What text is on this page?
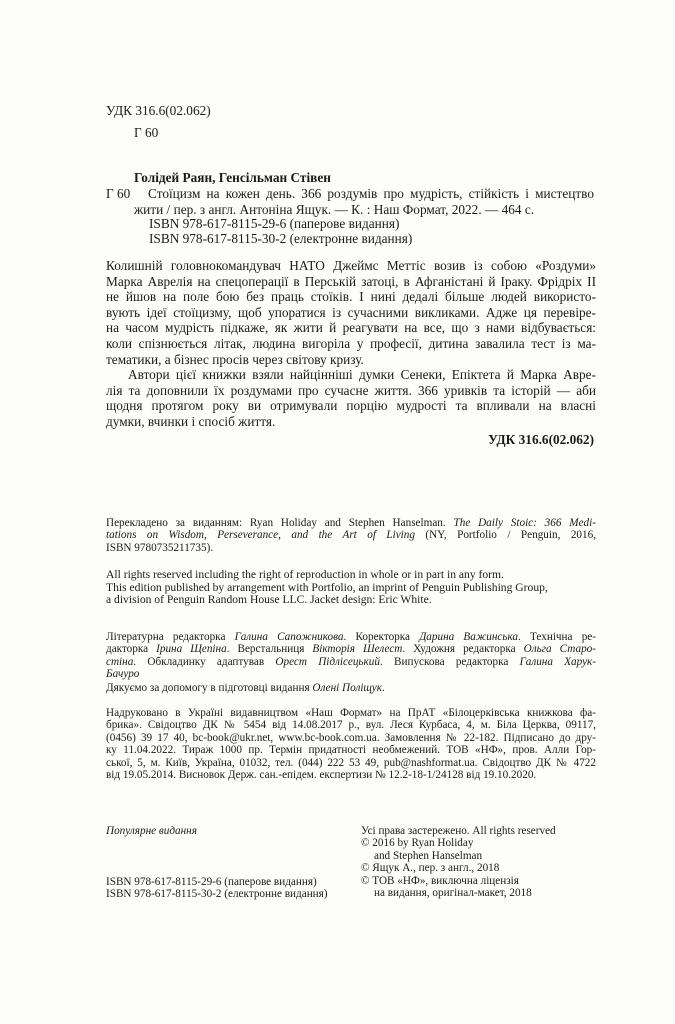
УДК 316.6(02.062)
Г 60
Голідей Раян, Генсільман Стівен
Г 60 Стоїцизм на кожен день. 366 роздумів про мудрість, стійкість і мистецтво
жити / пер. з англ. Антоніна Ящук. — К. : Наш Формат, 2022. — 464 с.
ISBN 978-617-8115-29-6 (паперове видання)
ISBN 978-617-8115-30-2 (електронне видання)
Колишній головнокомандувач НАТО Джеймс Меттіс возив із собою «Роздуми»
Марка Аврелія на спецоперації в Перській затоці, в Афганістані й Іраку. Фрідріх II
не йшов на поле бою без праць стоїків. І нині дедалі більше людей використо-
вують ідеї стоїцизму, щоб упоратися із сучасними викликами. Адже ця перевіре-
на часом мудрість підкаже, як жити й реагувати на все, що з нами відбувається:
коли спізнюється літак, людина вигоріла у професії, дитина завалила тест із ма-
тематики, а бізнес просів через світову кризу.
Автори цієї книжки взяли найцінніші думки Сенеки, Епіктета й Марка Авре-
лія та доповнили їх роздумами про сучасне життя. 366 уривків та історій — аби
щодня протягом року ви отримували порцію мудрості та впливали на власні
думки, вчинки і спосіб життя.
УДК 316.6(02.062)
Перекладено за виданням: Ryan Holiday and Stephen Hanselman. The Daily Stoic: 366 Medi-
tations on Wisdom, Perseverance, and the Art of Living (NY, Portfolio / Penguin, 2016,
ISBN 9780735211735).
All rights reserved including the right of reproduction in whole or in part in any form.
This edition published by arrangement with Portfolio, an imprint of Penguin Publishing Group,
a division of Penguin Random House LLC. Jacket design: Eric White.
Літературна редакторка Галина Сапожникова. Коректорка Дарина Важинська. Технічна ре-
дакторка Ірина Щепіна. Верстальниця Вікторія Шелест. Художня редакторка Ольга Старо-
стіна. Обкладинку адаптував Орест Підлісецький. Випускова редакторка Галина Харук-
Бачуро
Дякуємо за допомогу в підготовці видання Олені Поліщук.
Надруковано в Україні видавництвом «Наш Формат» на ПрАТ «Білоцерківська книжкова фа-
брика». Свідоцтво ДК № 5454 від 14.08.2017 р., вул. Леся Курбаса, 4, м. Біла Церква, 09117,
(0456) 39 17 40, bc-book@ukr.net, www.bc-book.com.ua. Замовлення № 22-182. Підписано до дру-
ку 11.04.2022. Тираж 1000 пр. Термін придатності необмежений. ТОВ «НФ», пров. Алли Гор-
ської, 5, м. Київ, Україна, 01032, тел. (044) 222 53 49, pub@nashformat.ua. Свідоцтво ДК № 4722
від 19.05.2014. Висновок Держ. сан.-епідем. експертизи № 12.2-18-1/24128 від 19.10.2020.
Популярне видання
ISBN 978-617-8115-29-6 (паперове видання)
ISBN 978-617-8115-30-2 (електронне видання)
Усі права застережено. All rights reserved
© 2016 by Ryan Holiday
and Stephen Hanselman
© Ящук А., пер. з англ., 2018
© ТОВ «НФ», виключна ліцензія
на видання, оригінал-макет, 2018
